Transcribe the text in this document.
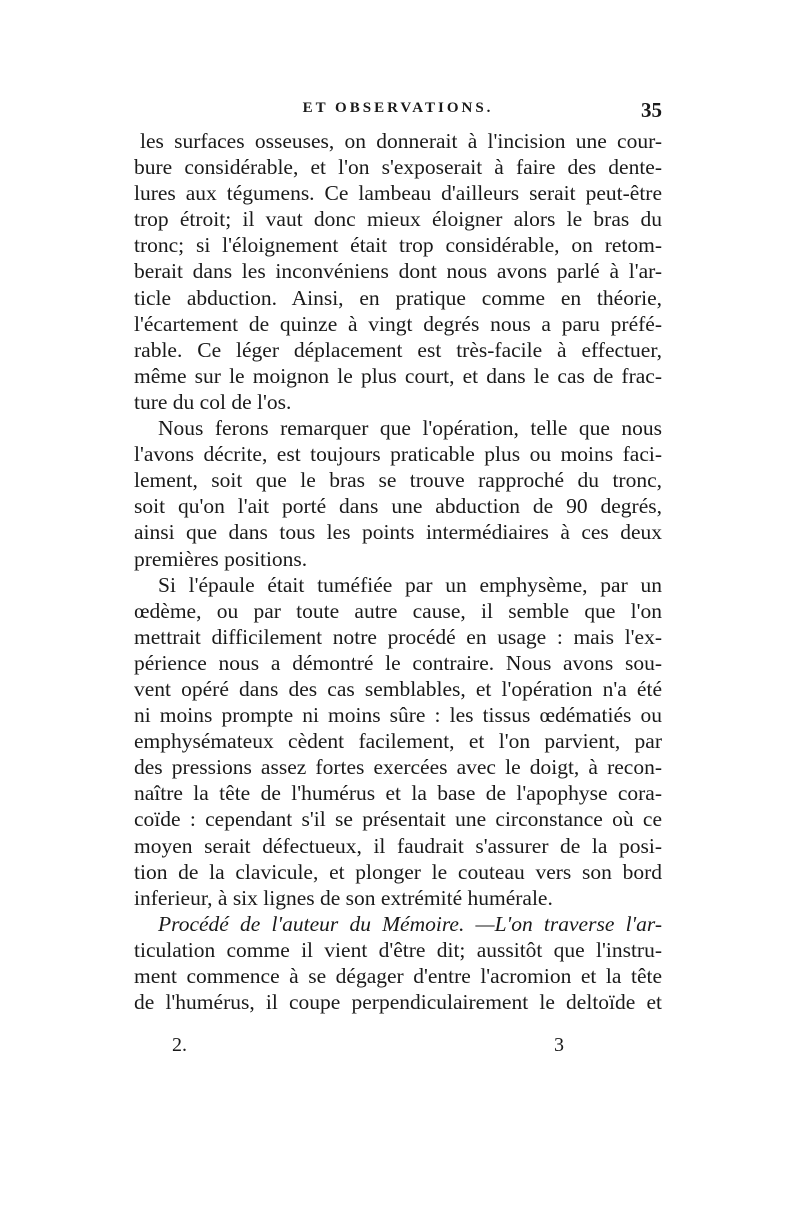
ET OBSERVATIONS.	35
les surfaces osseuses, on donnerait à l'incision une cour-
bure considérable, et l'on s'exposerait à faire des dente-
lures aux tégumens. Ce lambeau d'ailleurs serait peut-être
trop étroit; il vaut donc mieux éloigner alors le bras du
tronc; si l'éloignement était trop considérable, on retom-
berait dans les inconvéniens dont nous avons parlé à l'ar-
ticle abduction. Ainsi, en pratique comme en théorie,
l'écartement de quinze à vingt degrés nous a paru préfé-
rable. Ce léger déplacement est très-facile à effectuer,
même sur le moignon le plus court, et dans le cas de frac-
ture du col de l'os.
Nous ferons remarquer que l'opération, telle que nous
l'avons décrite, est toujours praticable plus ou moins faci-
lement, soit que le bras se trouve rapproché du tronc,
soit qu'on l'ait porté dans une abduction de 90 degrés,
ainsi que dans tous les points intermédiaires à ces deux
premières positions.
Si l'épaule était tuméfiée par un emphysème, par un
œdème, ou par toute autre cause, il semble que l'on
mettrait difficilement notre procédé en usage : mais l'ex-
périence nous a démontré le contraire. Nous avons sou-
vent opéré dans des cas semblables, et l'opération n'a été
ni moins prompte ni moins sûre : les tissus œdématiés ou
emphysémateux cèdent facilement, et l'on parvient, par
des pressions assez fortes exercées avec le doigt, à recon-
naître la tête de l'humérus et la base de l'apophyse cora-
coïde : cependant s'il se présentait une circonstance où ce
moyen serait défectueux, il faudrait s'assurer de la posi-
tion de la clavicule, et plonger le couteau vers son bord
inferieur, à six lignes de son extrémité humérale.
Procédé de l'auteur du Mémoire. —L'on traverse l'ar-
ticulation comme il vient d'être dit; aussitôt que l'instru-
ment commence à se dégager d'entre l'acromion et la tête
de l'humérus, il coupe perpendiculairement le deltoïde et
2.	3
